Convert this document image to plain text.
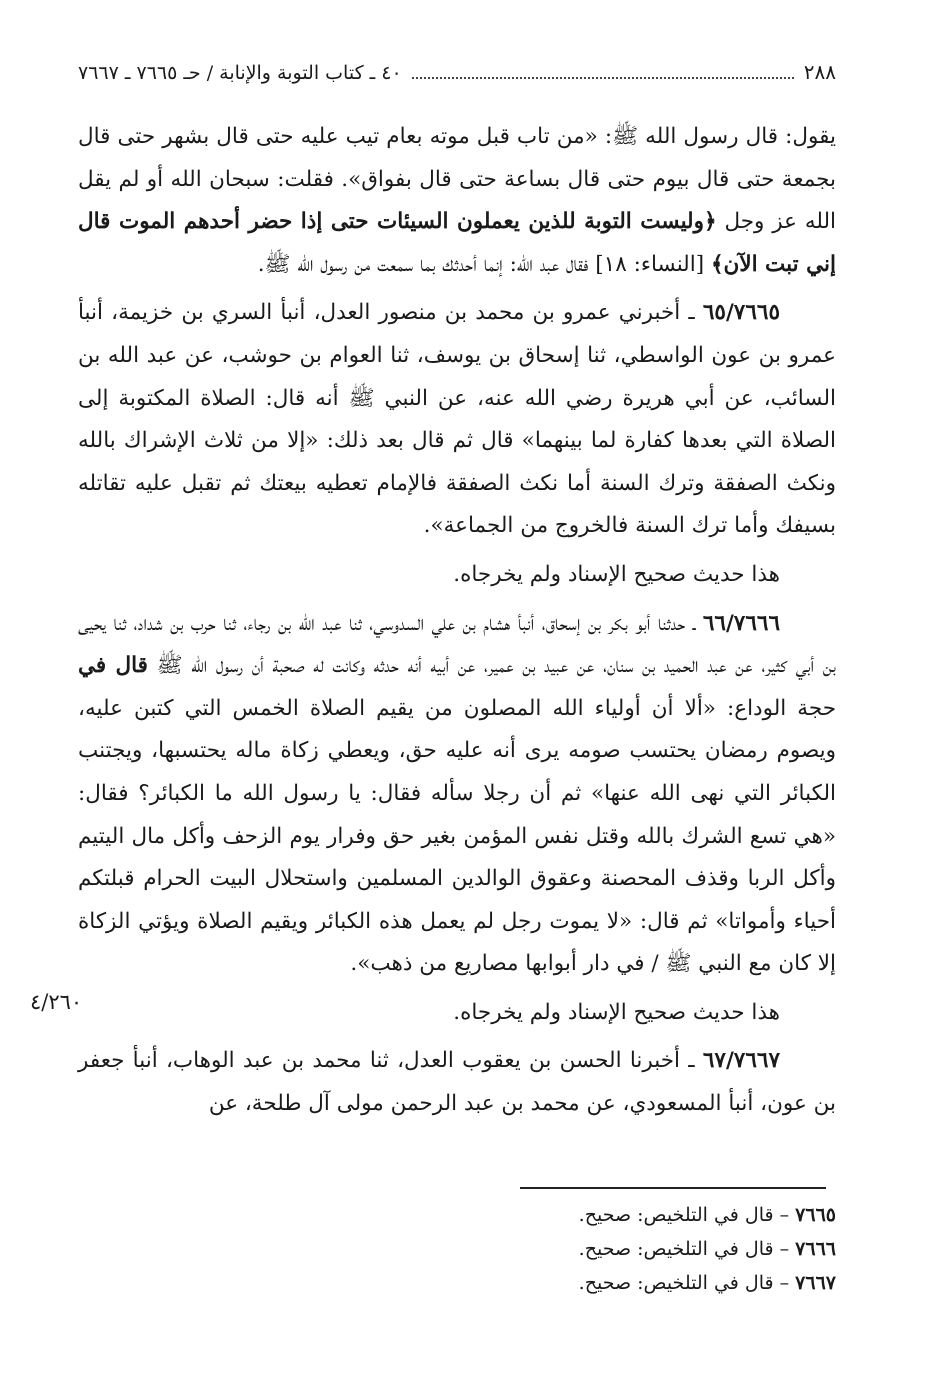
٢٨٨
٤٠ ـ كتاب التوبة والإنابة / حـ ٧٦٦٥ ـ ٧٦٦٧

يقول: قال رسول الله ﷺ: «من تاب قبل موته بعام تيب عليه حتى قال بشهر حتى قال بجمعة حتى قال بيوم حتى قال بساعة حتى قال بفواق». فقلت: سبحان الله أو لم يقل الله عز وجل ﴿وليست التوبة للذين يعملون السيئات حتى إذا حضر أحدهم الموت قال إني تبت الآن﴾ [النساء: ١٨] فقال عبد الله: إنما أحدثك بما سمعت من رسول الله ﷺ.

٦٥/٧٦٦٥ ـ أخبرني عمرو بن محمد بن منصور العدل، أنبأ السري بن خزيمة، أنبأ عمرو بن عون الواسطي، ثنا إسحاق بن يوسف، ثنا العوام بن حوشب، عن عبد الله بن السائب، عن أبي هريرة رضي الله عنه، عن النبي ﷺ أنه قال: الصلاة المكتوبة إلى الصلاة التي بعدها كفارة لما بينهما» قال ثم قال بعد ذلك: «إلا من ثلاث الإشراك بالله ونكث الصفقة وترك السنة أما نكث الصفقة فالإمام تعطيه بيعتك ثم تقبل عليه تقاتله بسيفك وأما ترك السنة فالخروج من الجماعة».

هذا حديث صحيح الإسناد ولم يخرجاه.

٦٦/٧٦٦٦ ـ حدثنا أبو بكر بن إسحاق، أنبأ هشام بن علي السدوسي، ثنا عبد الله بن رجاء، ثنا حرب بن شداد، ثنا يحيى بن أبي كثير، عن عبد الحميد بن سنان، عن عبيد بن عمير، عن أبيه أنه حدثه وكانت له صحبة أن رسول الله ﷺ قال في حجة الوداع: «ألا أن أولياء الله المصلون من يقيم الصلاة الخمس التي كتبن عليه، ويصوم رمضان يحتسب صومه يرى أنه عليه حق، ويعطي زكاة ماله يحتسبها، ويجتنب الكبائر التي نهى الله عنها» ثم أن رجلا سأله فقال: يا رسول الله ما الكبائر؟ فقال: «هي تسع الشرك بالله وقتل نفس المؤمن بغير حق وفرار يوم الزحف وأكل مال اليتيم وأكل الربا وقذف المحصنة وعقوق الوالدين المسلمين واستحلال البيت الحرام قبلتكم أحياء وأمواتا» ثم قال: «لا يموت رجل لم يعمل هذه الكبائر ويقيم الصلاة ويؤتي الزكاة إلا كان مع النبي ﷺ / في دار أبوابها مصاريع من ذهب».

هذا حديث صحيح الإسناد ولم يخرجاه.

٦٧/٧٦٦٧ ـ أخبرنا الحسن بن يعقوب العدل، ثنا محمد بن عبد الوهاب، أنبأ جعفر بن عون، أنبأ المسعودي، عن محمد بن عبد الرحمن مولى آل طلحة، عن

٤/٢٦٠
٧٦٦٥ – قال في التلخيص: صحيح.
٧٦٦٦ – قال في التلخيص: صحيح.
٧٦٦٧ – قال في التلخيص: صحيح.
